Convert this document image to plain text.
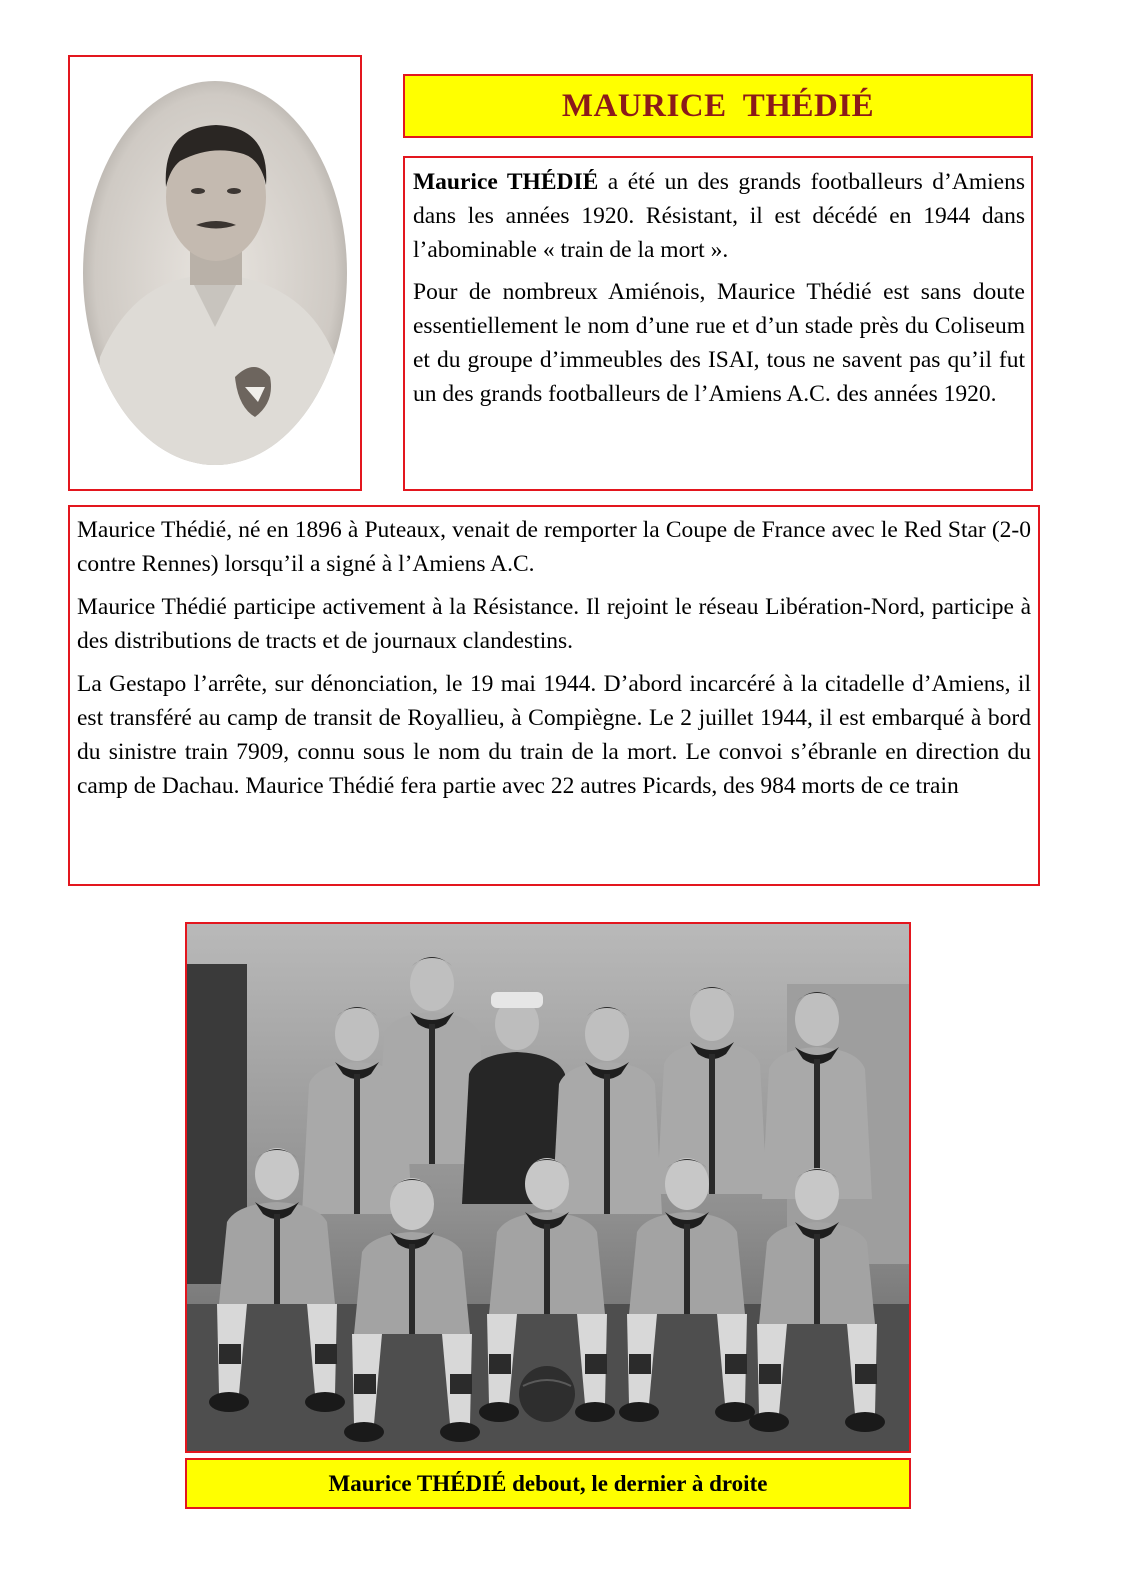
MAURICE THÉDIÉ

Maurice THÉDIÉ a été un des grands footballeurs d’Amiens dans les années 1920. Résistant, il est décédé en 1944 dans l’abominable « train de la mort ».

Pour de nombreux Amiénois, Maurice Thédié est sans doute essentiellement le nom d’une rue et d’un stade près du Coliseum et du groupe d’immeubles des ISAI, tous ne savent pas qu’il fut un des grands footballeurs de l’Amiens A.C. des années 1920.

Maurice Thédié, né en 1896 à Puteaux, venait de remporter la Coupe de France avec le Red Star (2-0 contre Rennes) lorsqu’il a signé à l’Amiens A.C.

Maurice Thédié participe activement à la Résistance. Il rejoint le réseau Libération-Nord, participe à des distributions de tracts et de journaux clandestins.

La Gestapo l’arrête, sur dénonciation, le 19 mai 1944. D’abord incarcéré à la citadelle d’Amiens, il est transféré au camp de transit de Royallieu, à Compiègne. Le 2 juillet 1944, il est embarqué à bord du sinistre train 7909, connu sous le nom du train de la mort. Le convoi s’ébranle en direction du camp de Dachau. Maurice Thédié fera partie avec 22 autres Picards, des 984 morts de ce train

Maurice THÉDIÉ debout, le dernier à droite
